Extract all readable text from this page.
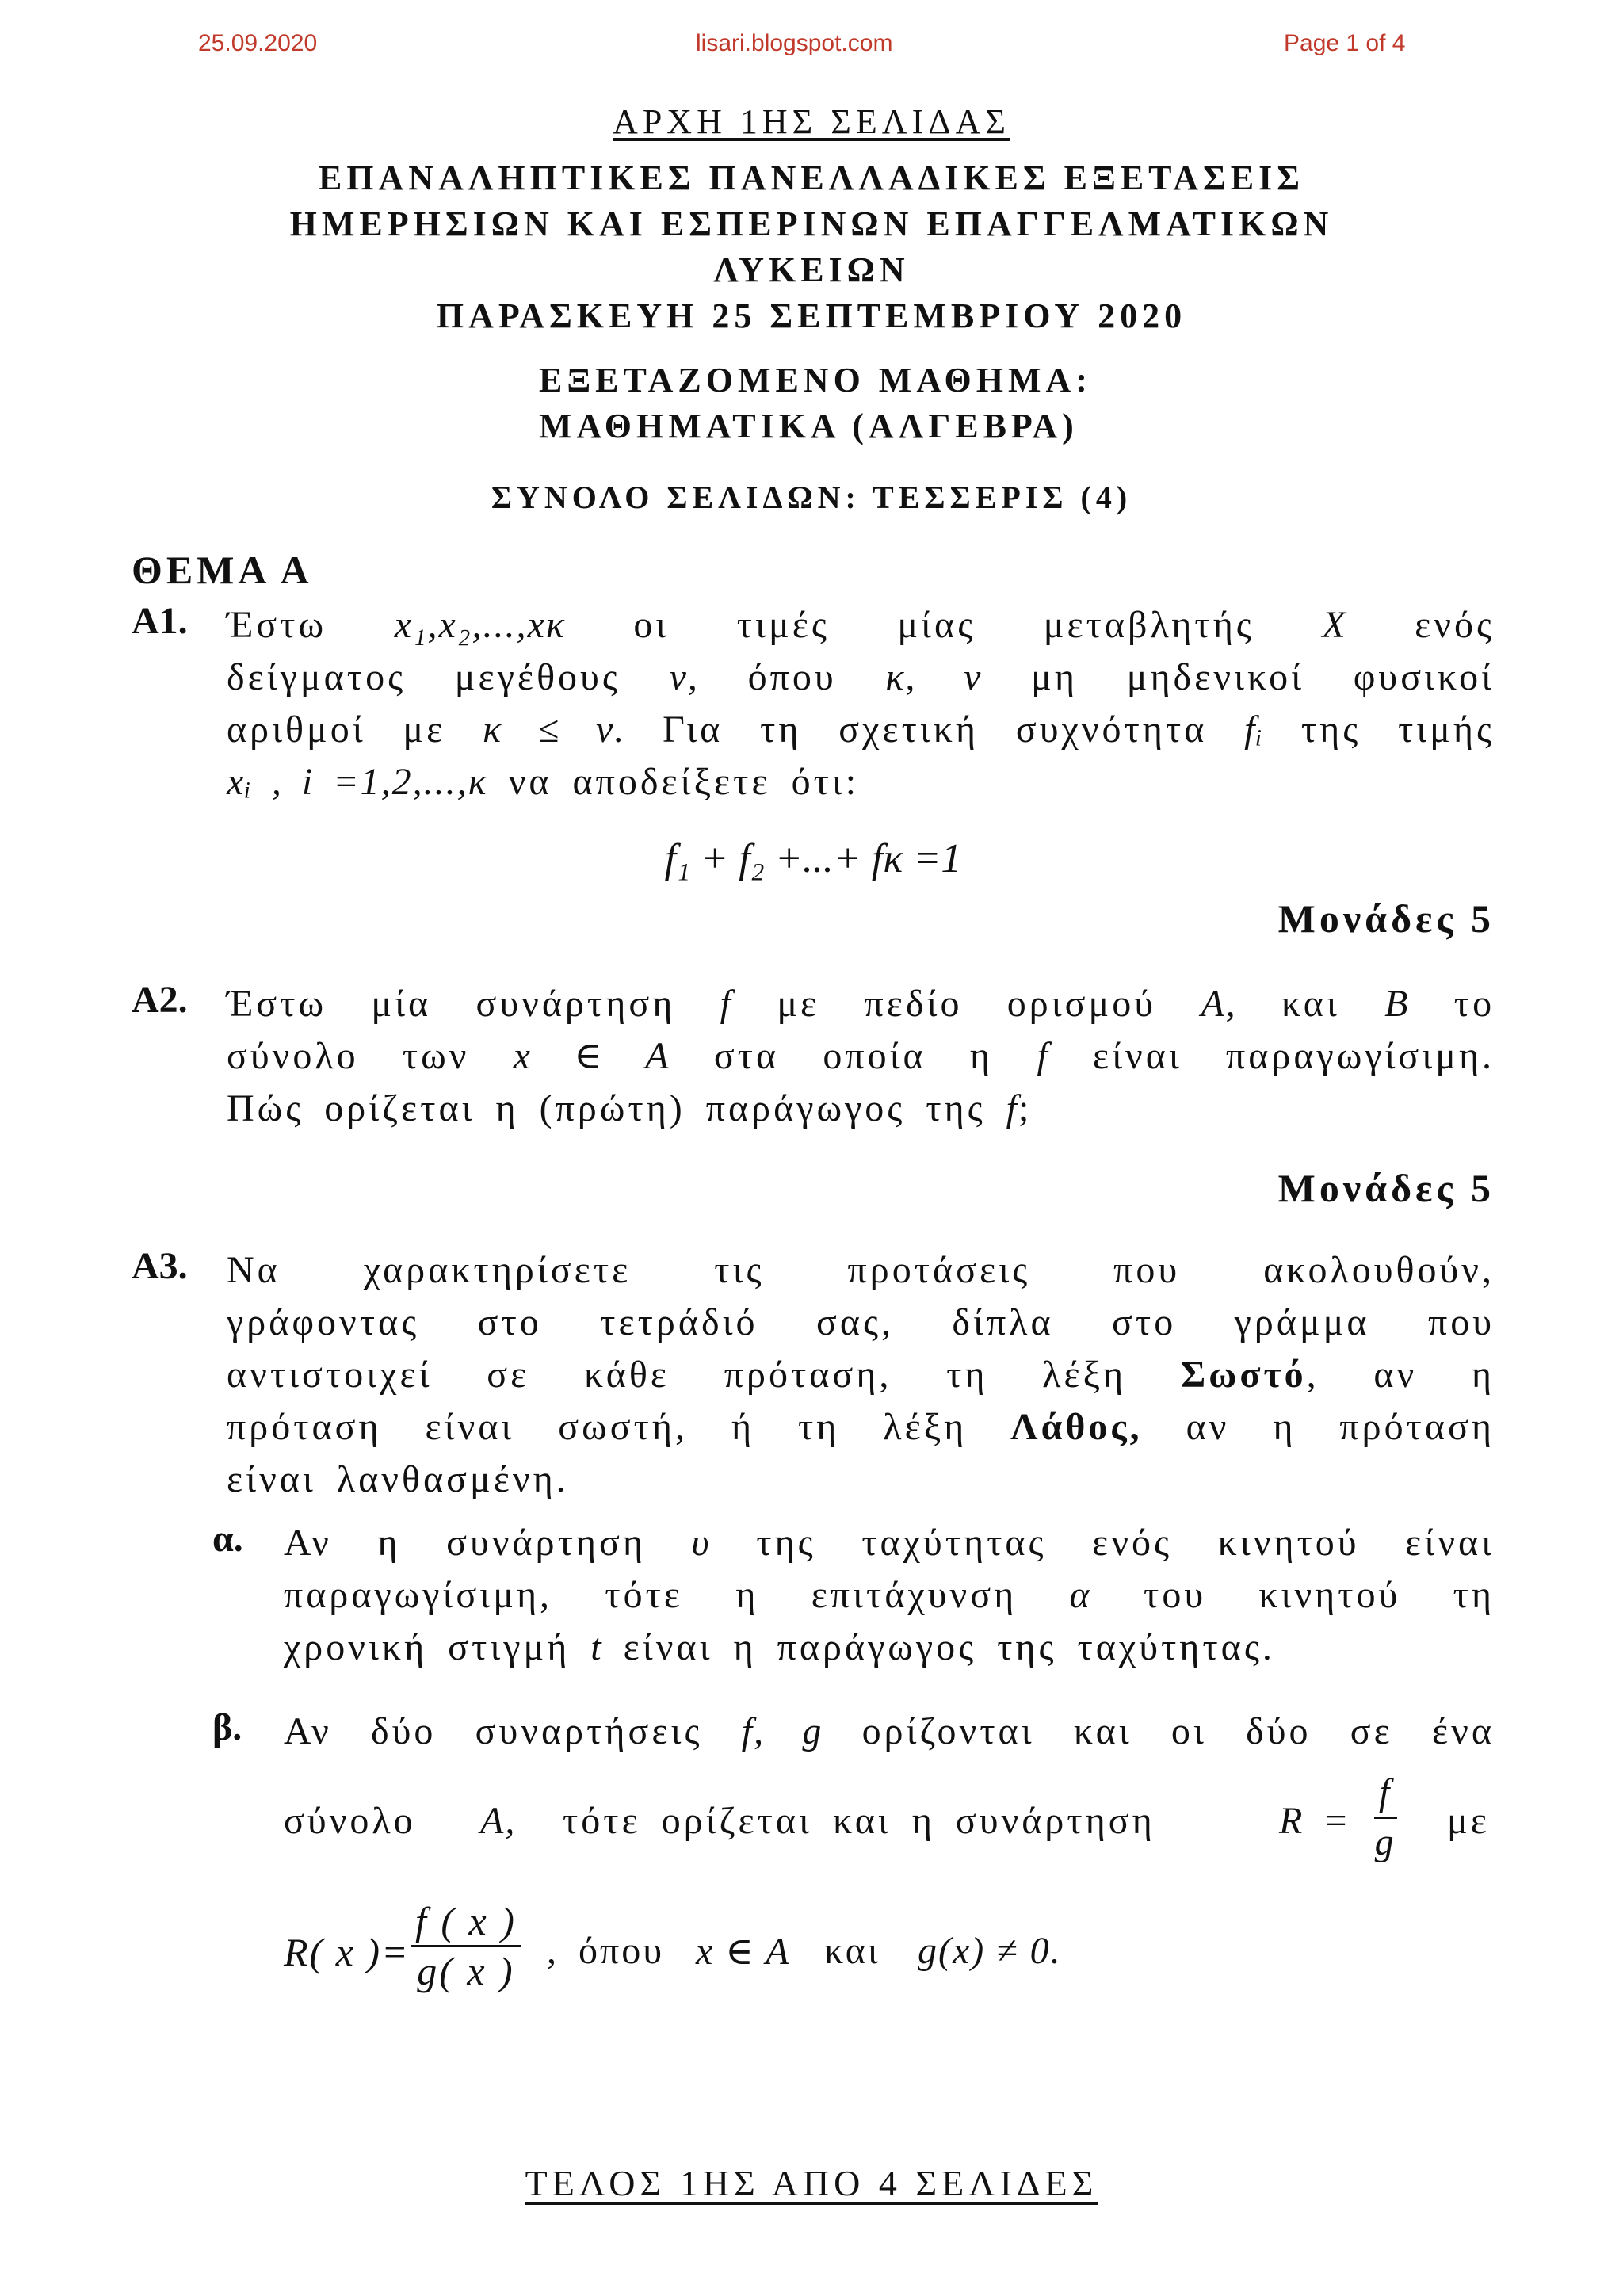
25.09.2020	lisari.blogspot.com	Page 1 of 4
ΑΡΧΗ 1ΗΣ ΣΕΛΙΔΑΣ
ΕΠΑΝΑΛΗΠΤΙΚΕΣ ΠΑΝΕΛΛΑΔΙΚΕΣ ΕΞΕΤΑΣΕΙΣ
ΗΜΕΡΗΣΙΩΝ ΚΑΙ ΕΣΠΕΡΙΝΩΝ ΕΠΑΓΓΕΛΜΑΤΙΚΩΝ
ΛΥΚΕΙΩΝ
ΠΑΡΑΣΚΕΥΗ 25 ΣΕΠΤΕΜΒΡΙΟΥ 2020
ΕΞΕΤΑΖΟΜΕΝΟ ΜΑΘΗΜΑ:
ΜΑΘΗΜΑΤΙΚΑ (ΑΛΓΕΒΡΑ)
ΣΥΝΟΛΟ ΣΕΛΙΔΩΝ: ΤΕΣΣΕΡΙΣ (4)
ΘΕΜΑ Α
Α1. Έστω x₁,x₂,...,xκ οι τιμές μίας μεταβλητής X ενός
δείγματος μεγέθους ν, όπου κ, ν μη μηδενικοί φυσικοί
αριθμοί με κ ≤ ν. Για τη σχετική συχνότητα fᵢ της τιμής
xᵢ , i =1,2,...,κ να αποδείξετε ότι:
f₁ + f₂ +...+ fκ =1
Μονάδες 5
Α2. Έστω μία συνάρτηση f με πεδίο ορισμού A, και B το
σύνολο των x ∈ A στα οποία η f είναι παραγωγίσιμη.
Πώς ορίζεται η (πρώτη) παράγωγος της f;
Μονάδες 5
Α3. Να χαρακτηρίσετε τις προτάσεις που ακολουθούν,
γράφοντας στο τετράδιό σας, δίπλα στο γράμμα που
αντιστοιχεί σε κάθε πρόταση, τη λέξη Σωστό, αν η
πρόταση είναι σωστή, ή τη λέξη Λάθος, αν η πρόταση
είναι λανθασμένη.
α. Αν η συνάρτηση υ της ταχύτητας ενός κινητού είναι
παραγωγίσιμη, τότε η επιτάχυνση α του κινητού τη
χρονική στιγμή t είναι η παράγωγος της ταχύτητας.
β. Αν δύο συναρτήσεις f, g ορίζονται και οι δύο σε ένα
σύνολο A, τότε ορίζεται και η συνάρτηση	$R = \frac{f}{g}$ με
R( x )= $\frac{f ( x )}{g( x )}$ , όπου x ∈ A και g(x) ≠ 0.
ΤΕΛΟΣ 1ΗΣ ΑΠΟ 4 ΣΕΛΙΔΕΣ
